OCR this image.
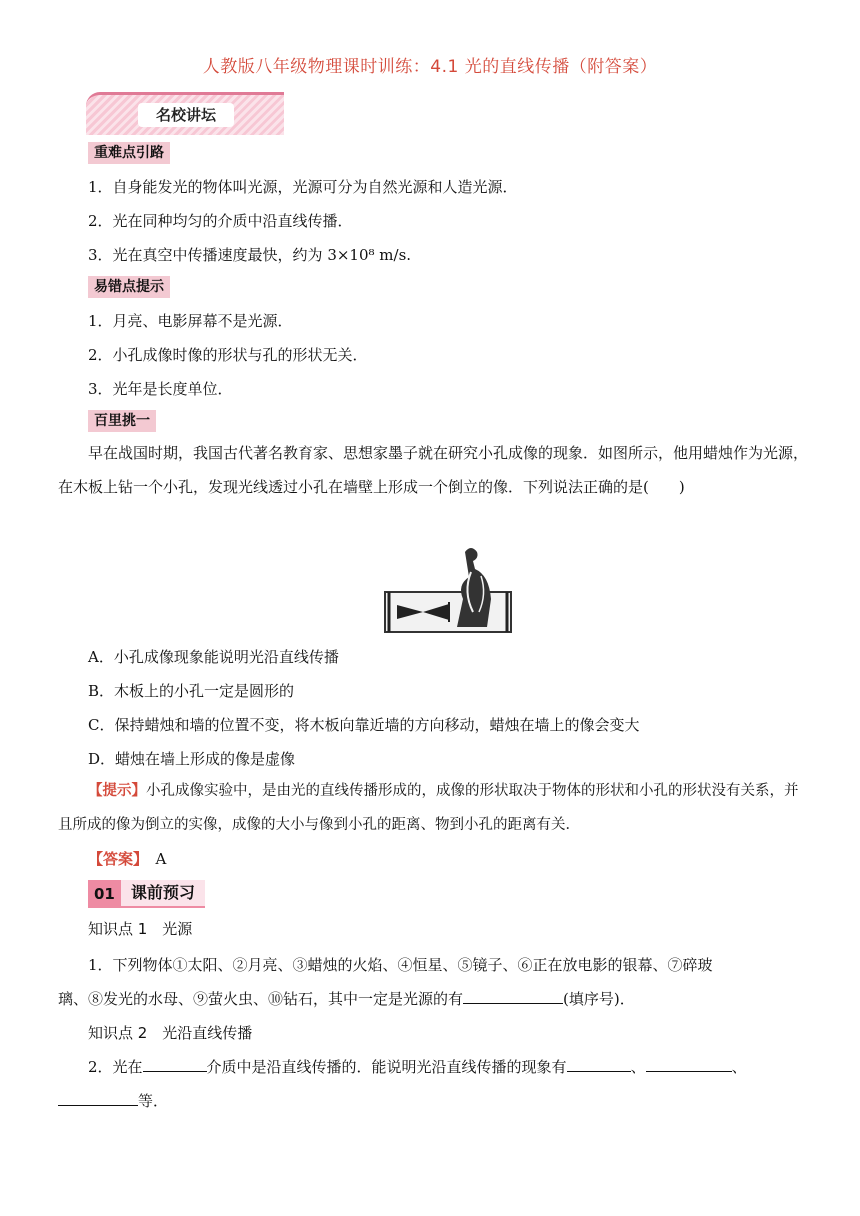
人教版八年级物理课时训练：4.1 光的直线传播（附答案）
名校讲坛
重难点引路
1．自身能发光的物体叫光源，光源可分为自然光源和人造光源．
2．光在同种均匀的介质中沿直线传播．
3．光在真空中传播速度最快，约为 3×10⁸ m/s.
易错点提示
1．月亮、电影屏幕不是光源．
2．小孔成像时像的形状与孔的形状无关．
3．光年是长度单位．
百里挑一
早在战国时期，我国古代著名教育家、思想家墨子就在研究小孔成像的现象．如图所示，他用蜡烛作为光源，在木板上钻一个小孔，发现光线透过小孔在墙壁上形成一个倒立的像．下列说法正确的是(　　)
A．小孔成像现象能说明光沿直线传播
B．木板上的小孔一定是圆形的
C．保持蜡烛和墙的位置不变，将木板向靠近墙的方向移动，蜡烛在墙上的像会变大
D．蜡烛在墙上形成的像是虚像
【提示】小孔成像实验中，是由光的直线传播形成的，成像的形状取决于物体的形状和小孔的形状没有关系，并且所成的像为倒立的实像，成像的大小与像到小孔的距离、物到小孔的距离有关．
【答案】　 A
01	课前预习
知识点 1　光源
1．下列物体①太阳、②月亮、③蜡烛的火焰、④恒星、⑤镜子、⑥正在放电影的银幕、⑦碎玻
璃、⑧发光的水母、⑨萤火虫、⑩钻石，其中一定是光源的有	(填序号)．
知识点 2　光沿直线传播
2．光在	介质中是沿直线传播的．能说明光沿直线传播的现象有	、	、
等．
